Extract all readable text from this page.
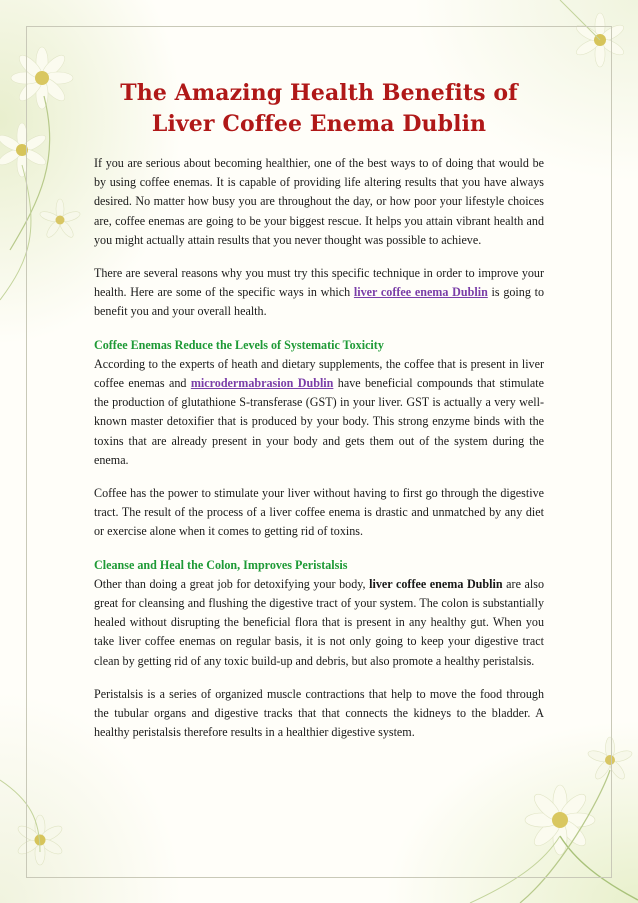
The Amazing Health Benefits of
Liver Coffee Enema Dublin

If you are serious about becoming healthier, one of the best ways to of doing that would be by using coffee enemas. It is capable of providing life altering results that you have always desired. No matter how busy you are throughout the day, or how poor your lifestyle choices are, coffee enemas are going to be your biggest rescue. It helps you attain vibrant health and you might actually attain results that you never thought was possible to achieve.

There are several reasons why you must try this specific technique in order to improve your health. Here are some of the specific ways in which liver coffee enema Dublin is going to benefit you and your overall health.

Coffee Enemas Reduce the Levels of Systematic Toxicity

According to the experts of heath and dietary supplements, the coffee that is present in liver coffee enemas and microdermabrasion Dublin have beneficial compounds that stimulate the production of glutathione S-transferase (GST) in your liver. GST is actually a very well-known master detoxifier that is produced by your body. This strong enzyme binds with the toxins that are already present in your body and gets them out of the system during the enema.

Coffee has the power to stimulate your liver without having to first go through the digestive tract. The result of the process of a liver coffee enema is drastic and unmatched by any diet or exercise alone when it comes to getting rid of toxins.

Cleanse and Heal the Colon, Improves Peristalsis

Other than doing a great job for detoxifying your body, liver coffee enema Dublin are also great for cleansing and flushing the digestive tract of your system. The colon is substantially healed without disrupting the beneficial flora that is present in any healthy gut. When you take liver coffee enemas on regular basis, it is not only going to keep your digestive tract clean by getting rid of any toxic build-up and debris, but also promote a healthy peristalsis.

Peristalsis is a series of organized muscle contractions that help to move the food through the tubular organs and digestive tracks that that connects the kidneys to the bladder. A healthy peristalsis therefore results in a healthier digestive system.
